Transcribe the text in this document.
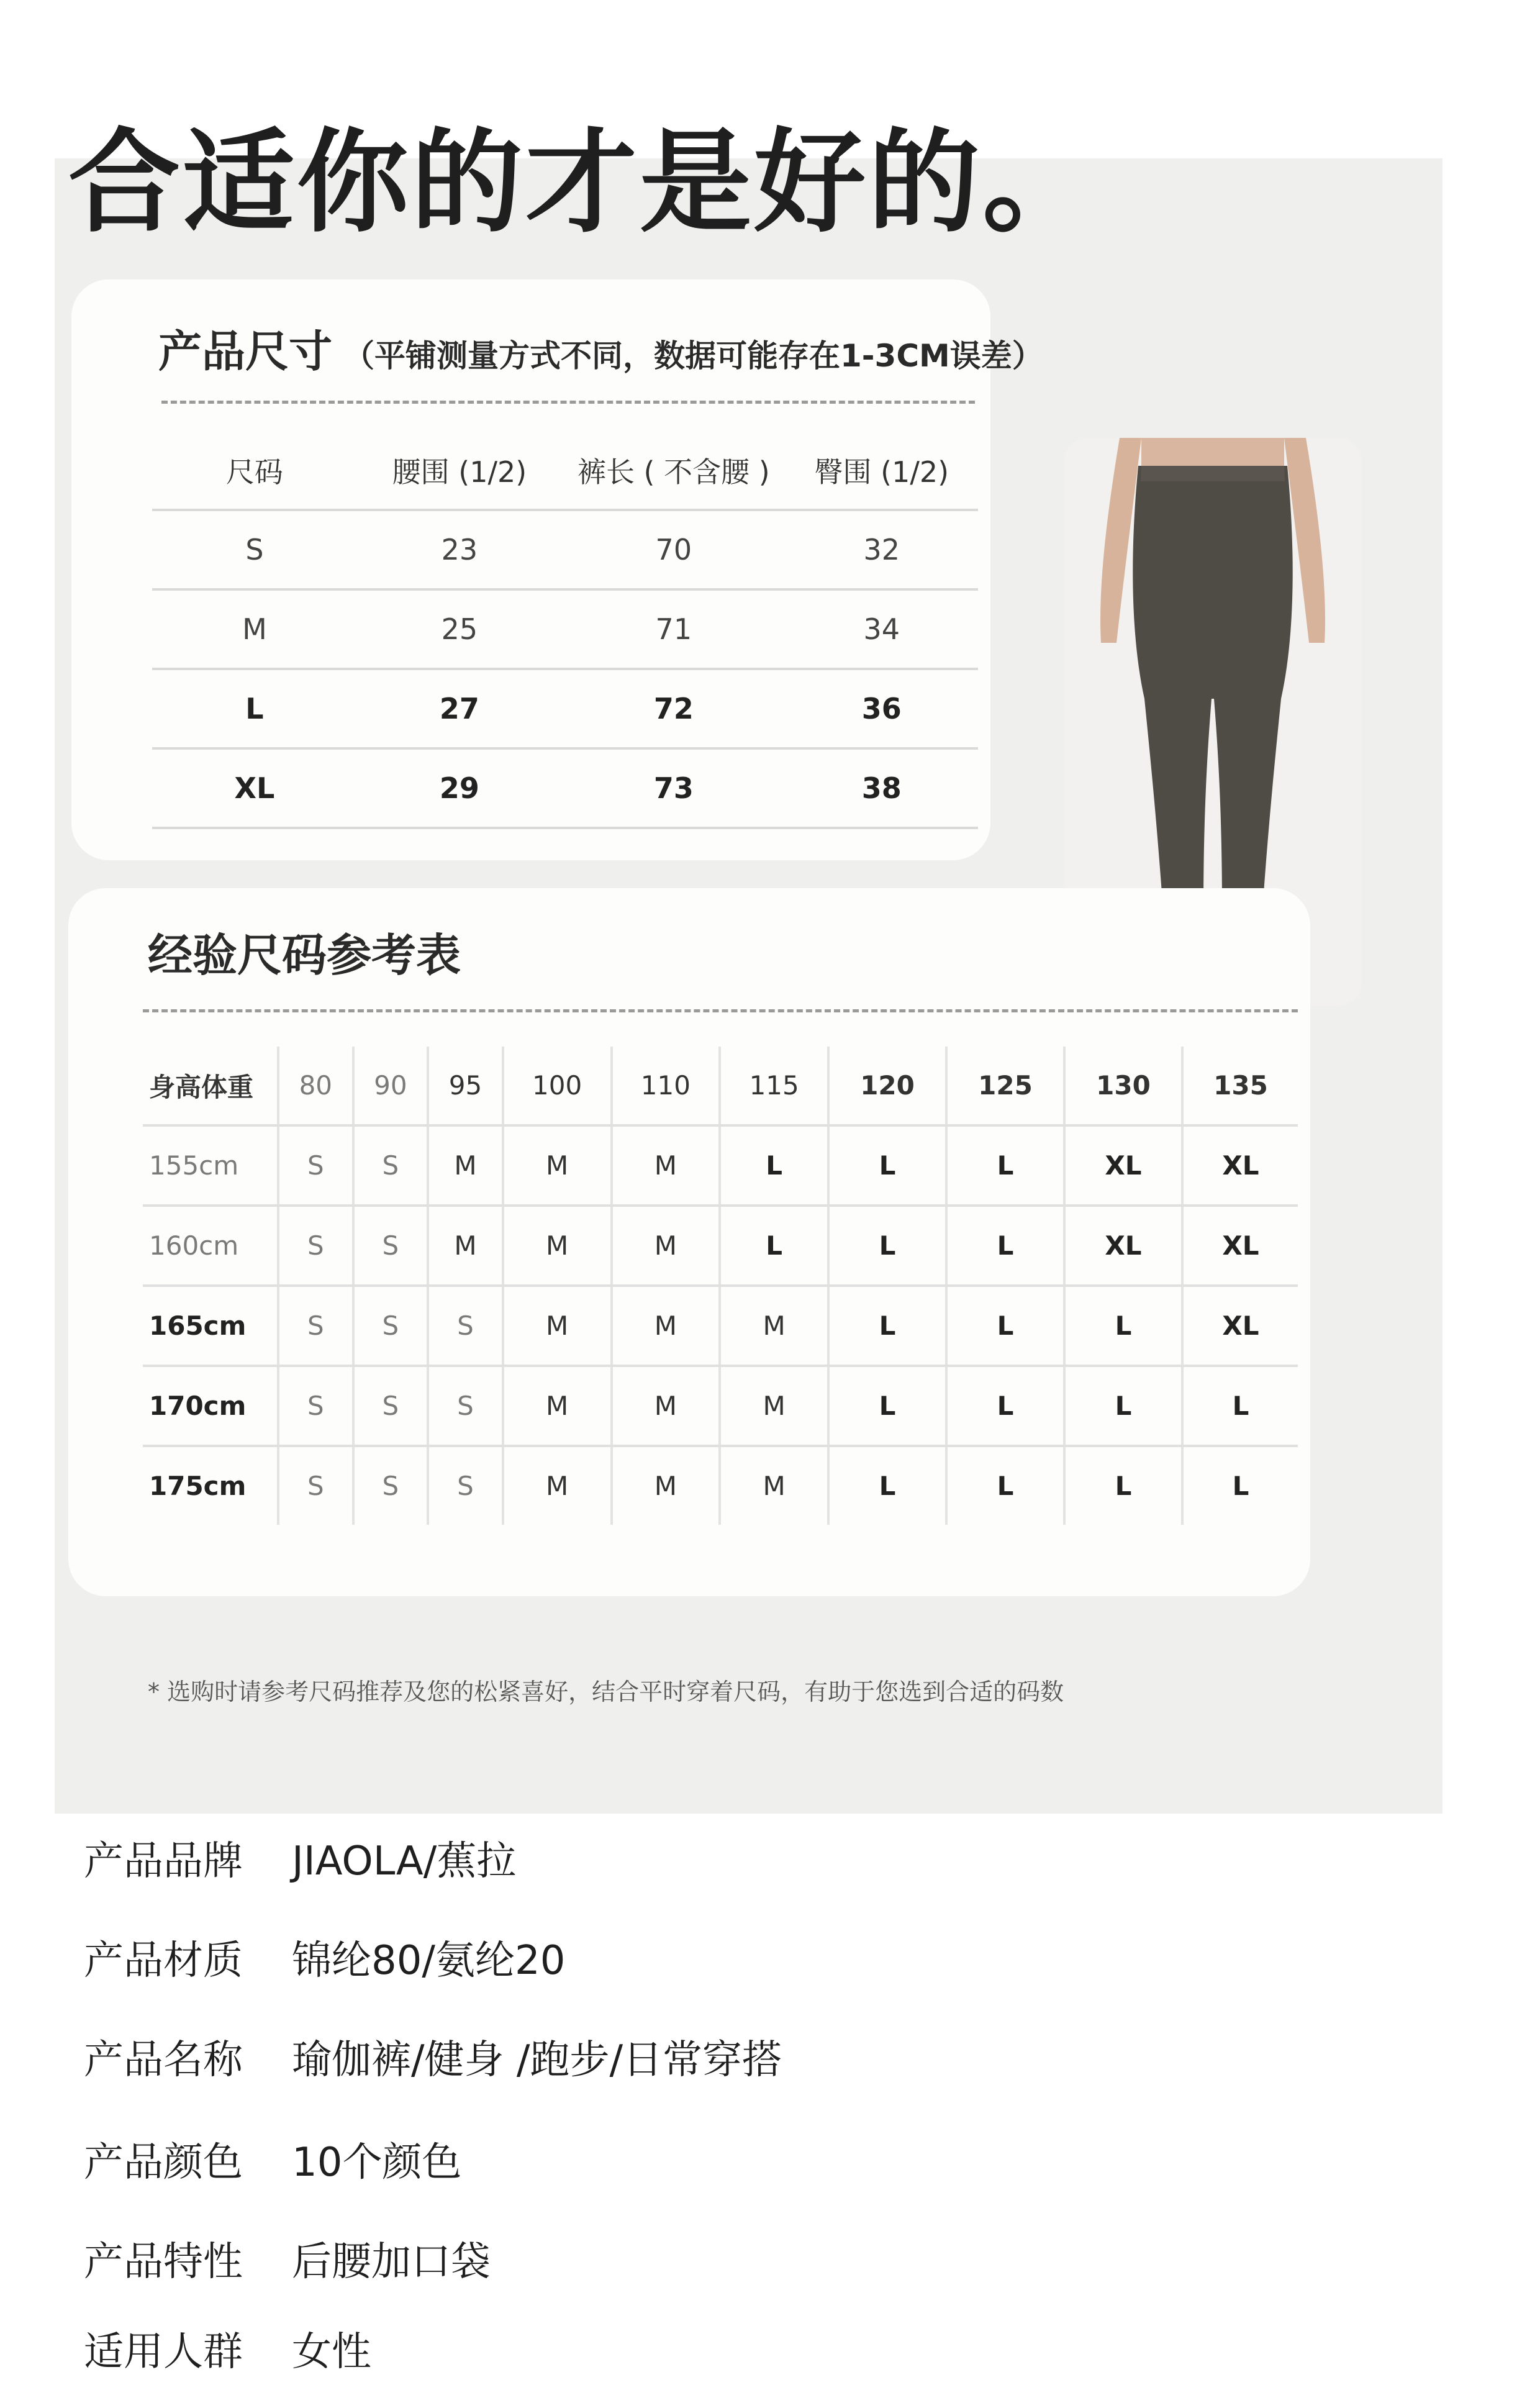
合适你的才是好的。
产品尺寸 （平铺测量方式不同，数据可能存在1-3CM误差）
尺码	腰围 (1/2)	裤长 ( 不含腰 )	臀围 (1/2)
S	23	70	32
M	25	71	34
L	27	72	36
XL	29	73	38
经验尺码参考表
身高体重	80	90	95	100	110	115	120	125	130	135
155cm	S	S	M	M	M	L	L	L	XL	XL
160cm	S	S	M	M	M	L	L	L	XL	XL
165cm	S	S	S	M	M	M	L	L	L	XL
170cm	S	S	S	M	M	M	L	L	L	L
175cm	S	S	S	M	M	M	L	L	L	L
* 选购时请参考尺码推荐及您的松紧喜好，结合平时穿着尺码，有助于您选到合适的码数
产品品牌 JIAOLA/蕉拉
产品材质 锦纶80/氨纶20
产品名称 瑜伽裤/健身 /跑步/日常穿搭
产品颜色 10个颜色
产品特性 后腰加口袋
适用人群 女性
